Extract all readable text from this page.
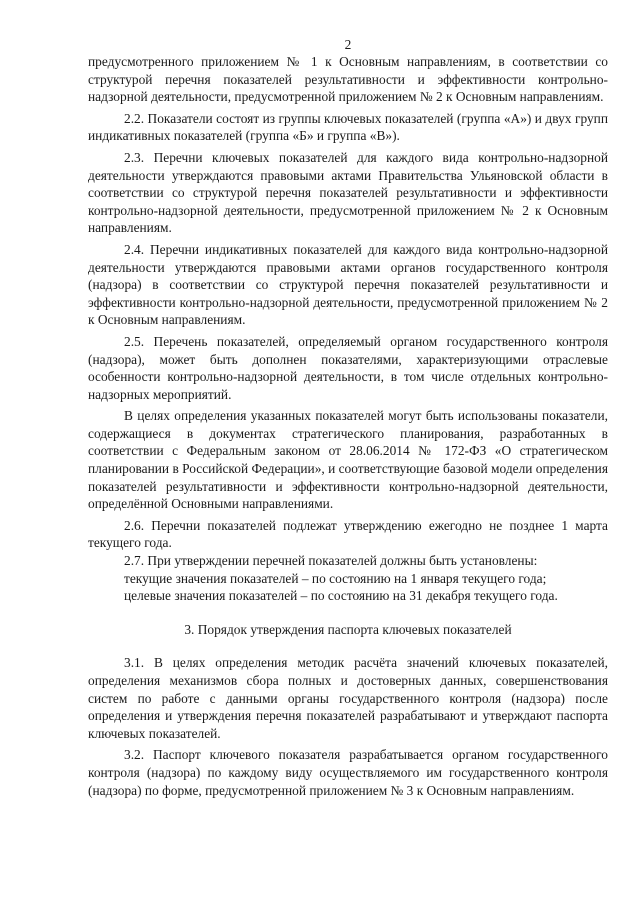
2

предусмотренного приложением № 1 к Основным направлениям, в соответствии со структурой перечня показателей результативности и эффективности контрольно-надзорной деятельности, предусмотренной приложением № 2 к Основным направлениям.

2.2. Показатели состоят из группы ключевых показателей (группа «А») и двух групп индикативных показателей (группа «Б» и группа «В»).

2.3. Перечни ключевых показателей для каждого вида контрольно-надзорной деятельности утверждаются правовыми актами Правительства Ульяновской области в соответствии со структурой перечня показателей результативности и эффективности контрольно-надзорной деятельности, предусмотренной приложением № 2 к Основным направлениям.

2.4. Перечни индикативных показателей для каждого вида контрольно-надзорной деятельности утверждаются правовыми актами органов государственного контроля (надзора) в соответствии со структурой перечня показателей результативности и эффективности контрольно-надзорной деятельности, предусмотренной приложением № 2 к Основным направлениям.

2.5. Перечень показателей, определяемый органом государственного контроля (надзора), может быть дополнен показателями, характеризующими отраслевые особенности контрольно-надзорной деятельности, в том числе отдельных контрольно-надзорных мероприятий.

В целях определения указанных показателей могут быть использованы показатели, содержащиеся в документах стратегического планирования, разработанных в соответствии с Федеральным законом от 28.06.2014 № 172-ФЗ «О стратегическом планировании в Российской Федерации», и соответствующие базовой модели определения показателей результативности и эффективности контрольно-надзорной деятельности, определённой Основными направлениями.

2.6. Перечни показателей подлежат утверждению ежегодно не позднее 1 марта текущего года.

2.7. При утверждении перечней показателей должны быть установлены:

текущие значения показателей – по состоянию на 1 января текущего года;

целевые значения показателей – по состоянию на 31 декабря текущего года.

3. Порядок утверждения паспорта ключевых показателей

3.1. В целях определения методик расчёта значений ключевых показателей, определения механизмов сбора полных и достоверных данных, совершенствования систем по работе с данными органы государственного контроля (надзора) после определения и утверждения перечня показателей разрабатывают и утверждают паспорта ключевых показателей.

3.2. Паспорт ключевого показателя разрабатывается органом государственного контроля (надзора) по каждому виду осуществляемого им государственного контроля (надзора) по форме, предусмотренной приложением № 3 к Основным направлениям.
